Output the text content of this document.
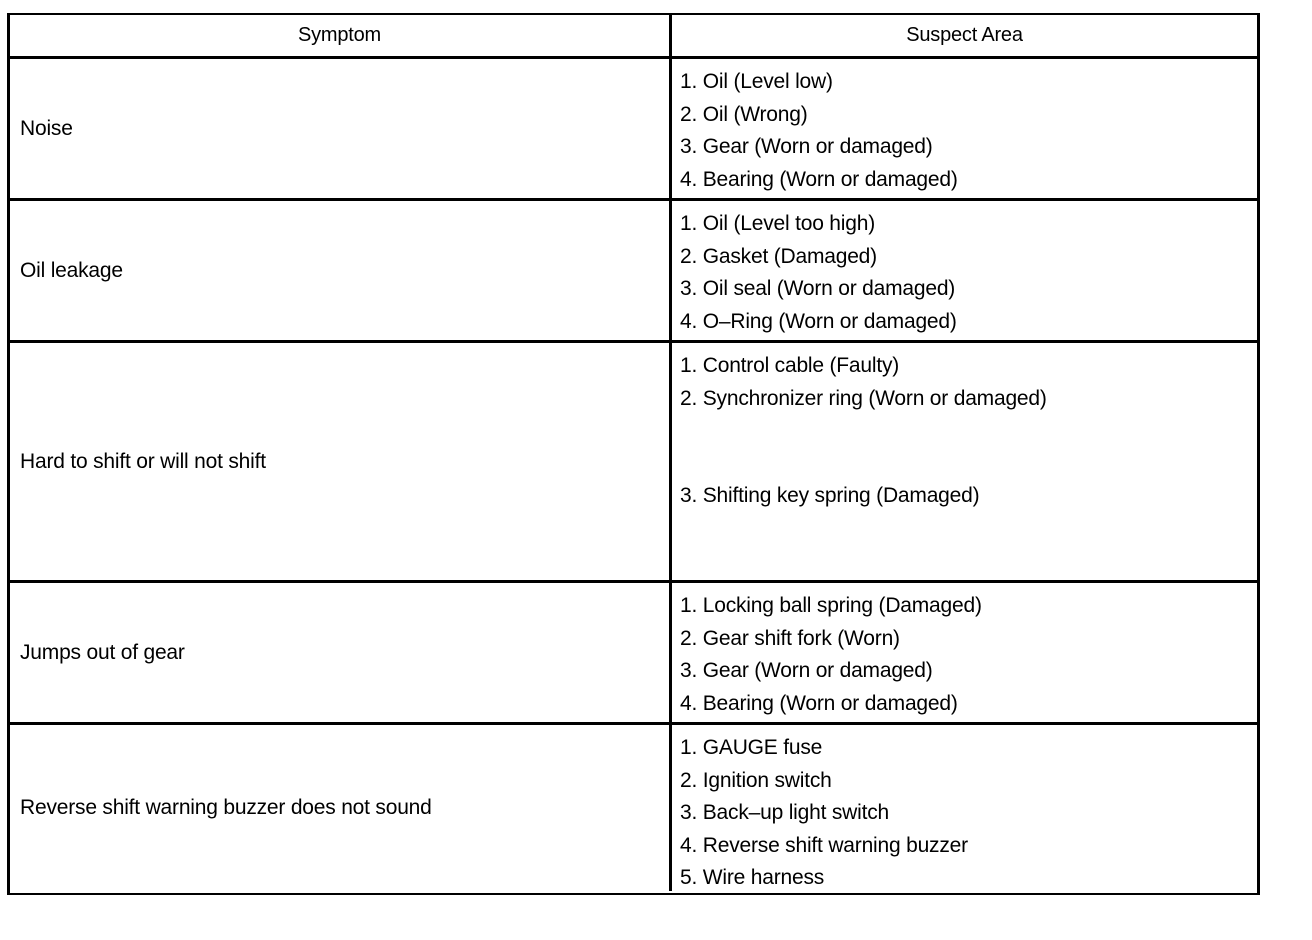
Symptom	Suspect Area
Noise
1. Oil (Level low)
2. Oil (Wrong)
3. Gear (Worn or damaged)
4. Bearing (Worn or damaged)
Oil leakage
1. Oil (Level too high)
2. Gasket (Damaged)
3. Oil seal (Worn or damaged)
4. O–Ring (Worn or damaged)
Hard to shift or will not shift
1. Control cable (Faulty)
2. Synchronizer ring (Worn or damaged)
3. Shifting key spring (Damaged)
Jumps out of gear
1. Locking ball spring (Damaged)
2. Gear shift fork (Worn)
3. Gear (Worn or damaged)
4. Bearing (Worn or damaged)
Reverse shift warning buzzer does not sound
1. GAUGE fuse
2. Ignition switch
3. Back–up light switch
4. Reverse shift warning buzzer
5. Wire harness
